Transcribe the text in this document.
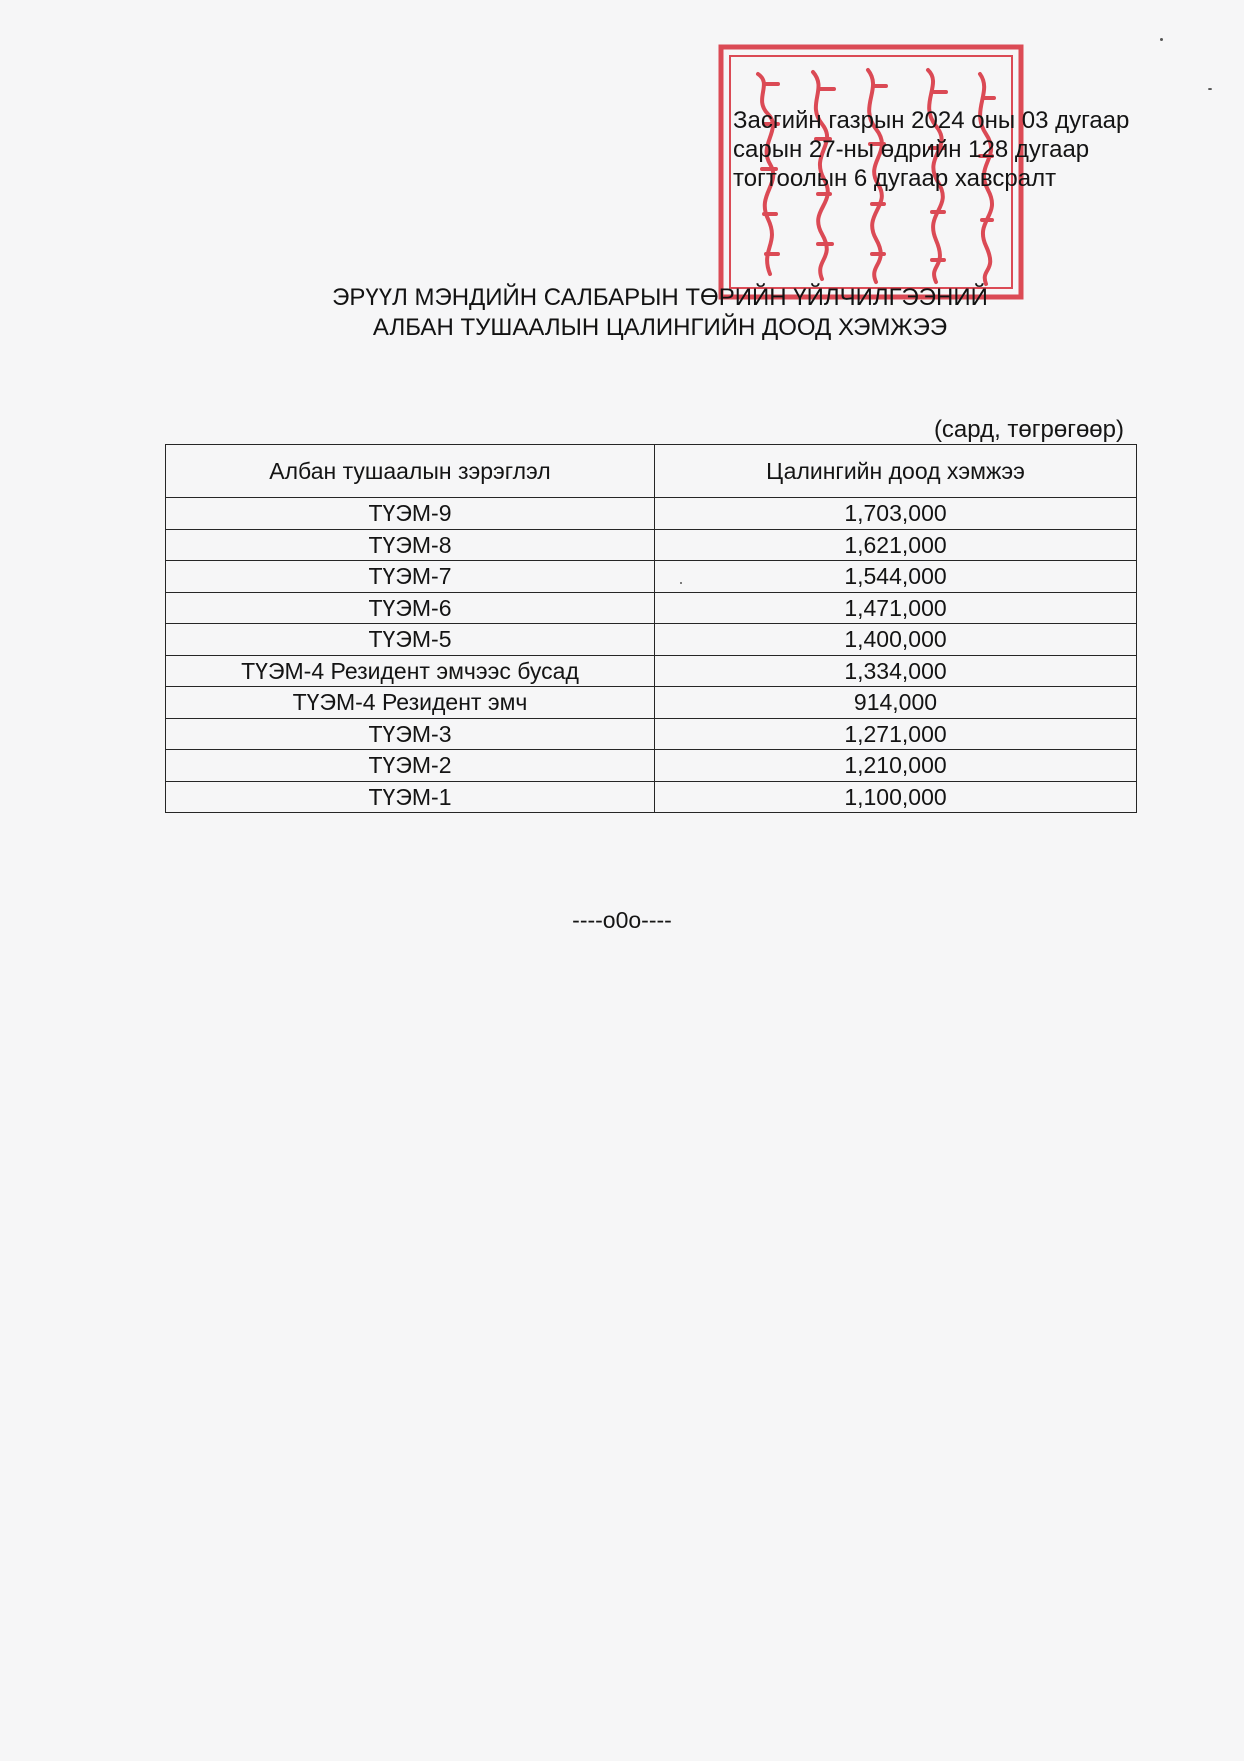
Засгийн газрын 2024 оны 03 дугаар
сарын 27-ны өдрийн 128 дугаар
тогтоолын 6 дугаар хавсралт
ЭРҮҮЛ МЭНДИЙН САЛБАРЫН ТӨРИЙН ҮЙЛЧИЛГЭЭНИЙ
АЛБАН ТУШААЛЫН ЦАЛИНГИЙН ДООД ХЭМЖЭЭ
(сард, төгрөгөөр)
Албан тушаалын зэрэглэл	Цалингийн доод хэмжээ
ТҮЭМ-9	1,703,000
ТҮЭМ-8	1,621,000
ТҮЭМ-7	1,544,000
ТҮЭМ-6	1,471,000
ТҮЭМ-5	1,400,000
ТҮЭМ-4 Резидент эмчээс бусад	1,334,000
ТҮЭМ-4 Резидент эмч	914,000
ТҮЭМ-3	1,271,000
ТҮЭМ-2	1,210,000
ТҮЭМ-1	1,100,000
----o0o----
